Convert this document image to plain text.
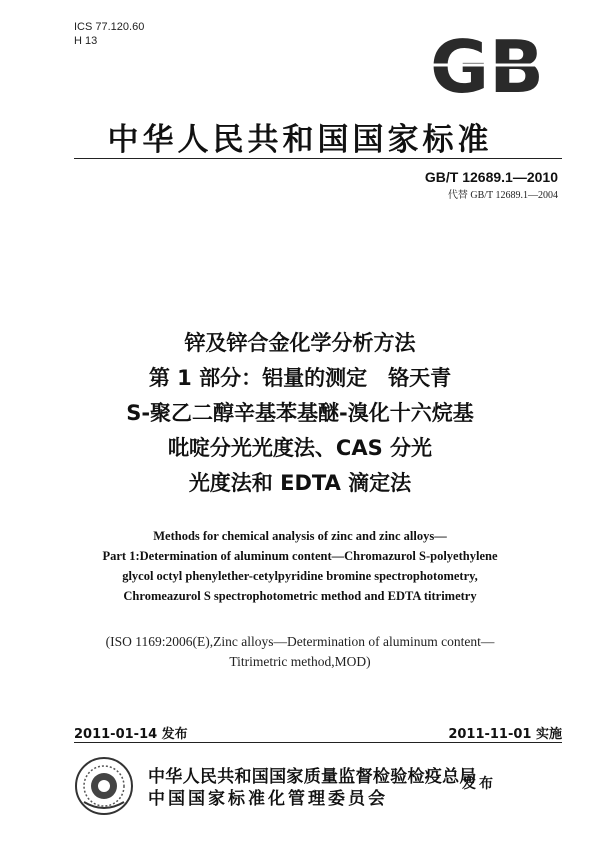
ICS 77.120.60
H 13	GB
中华人民共和国国家标准
GB/T 12689.1—2010
代替 GB/T 12689.1—2004
锌及锌合金化学分析方法
第 1 部分：铝量的测定　铬天青
S-聚乙二醇辛基苯基醚-溴化十六烷基
吡啶分光光度法、CAS 分光
光度法和 EDTA 滴定法
Methods for chemical analysis of zinc and zinc alloys—
Part 1:Determination of aluminum content—Chromazurol S-polyethylene
glycol octyl phenylether-cetylpyridine bromine spectrophotometry,
Chromeazurol S spectrophotometric method and EDTA titrimetry
(ISO 1169:2006(E),Zinc alloys—Determination of aluminum content—
Titrimetric method,MOD)
2011-01-14 发布	2011-11-01 实施
中华人民共和国国家质量监督检验检疫总局
中国国家标准化管理委员会
发布
